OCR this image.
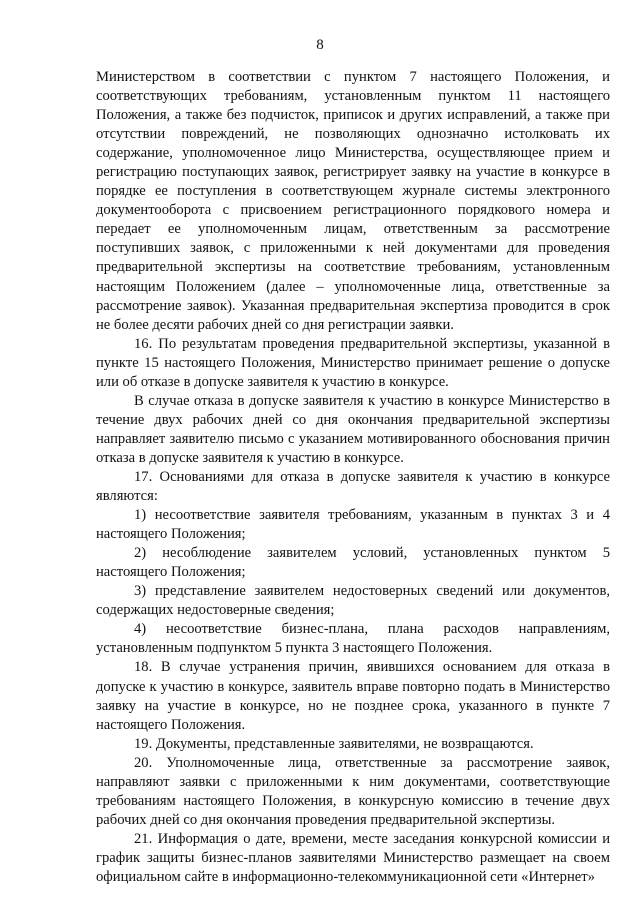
8

Министерством в соответствии с пунктом 7 настоящего Положения, и соответствующих требованиям, установленным пунктом 11 настоящего Положения, а также без подчисток, приписок и других исправлений, а также при отсутствии повреждений, не позволяющих однозначно истолковать их содержание, уполномоченное лицо Министерства, осуществляющее прием и регистрацию поступающих заявок, регистрирует заявку на участие в конкурсе в порядке ее поступления в соответствующем журнале системы электронного документооборота с присвоением регистрационного порядкового номера и передает ее уполномоченным лицам, ответственным за рассмотрение поступивших заявок, с приложенными к ней документами для проведения предварительной экспертизы на соответствие требованиям, установленным настоящим Положением (далее – уполномоченные лица, ответственные за рассмотрение заявок). Указанная предварительная экспертиза проводится в срок не более десяти рабочих дней со дня регистрации заявки.

16. По результатам проведения предварительной экспертизы, указанной в пункте 15 настоящего Положения, Министерство принимает решение о допуске или об отказе в допуске заявителя к участию в конкурсе.

В случае отказа в допуске заявителя к участию в конкурсе Министерство в течение двух рабочих дней со дня окончания предварительной экспертизы направляет заявителю письмо с указанием мотивированного обоснования причин отказа в допуске заявителя к участию в конкурсе.

17. Основаниями для отказа в допуске заявителя к участию в конкурсе являются:

1) несоответствие заявителя требованиям, указанным в пунктах 3 и 4 настоящего Положения;

2) несоблюдение заявителем условий, установленных пунктом 5 настоящего Положения;

3) представление заявителем недостоверных сведений или документов, содержащих недостоверные сведения;

4) несоответствие бизнес-плана, плана расходов направлениям, установленным подпунктом 5 пункта 3 настоящего Положения.

18. В случае устранения причин, явившихся основанием для отказа в допуске к участию в конкурсе, заявитель вправе повторно подать в Министерство заявку на участие в конкурсе, но не позднее срока, указанного в пункте 7 настоящего Положения.

19. Документы, представленные заявителями, не возвращаются.

20. Уполномоченные лица, ответственные за рассмотрение заявок, направляют заявки с приложенными к ним документами, соответствующие требованиям настоящего Положения, в конкурсную комиссию в течение двух рабочих дней со дня окончания проведения предварительной экспертизы.

21. Информация о дате, времени, месте заседания конкурсной комиссии и график защиты бизнес-планов заявителями Министерство размещает на своем официальном сайте в информационно-телекоммуникационной сети «Интернет»
